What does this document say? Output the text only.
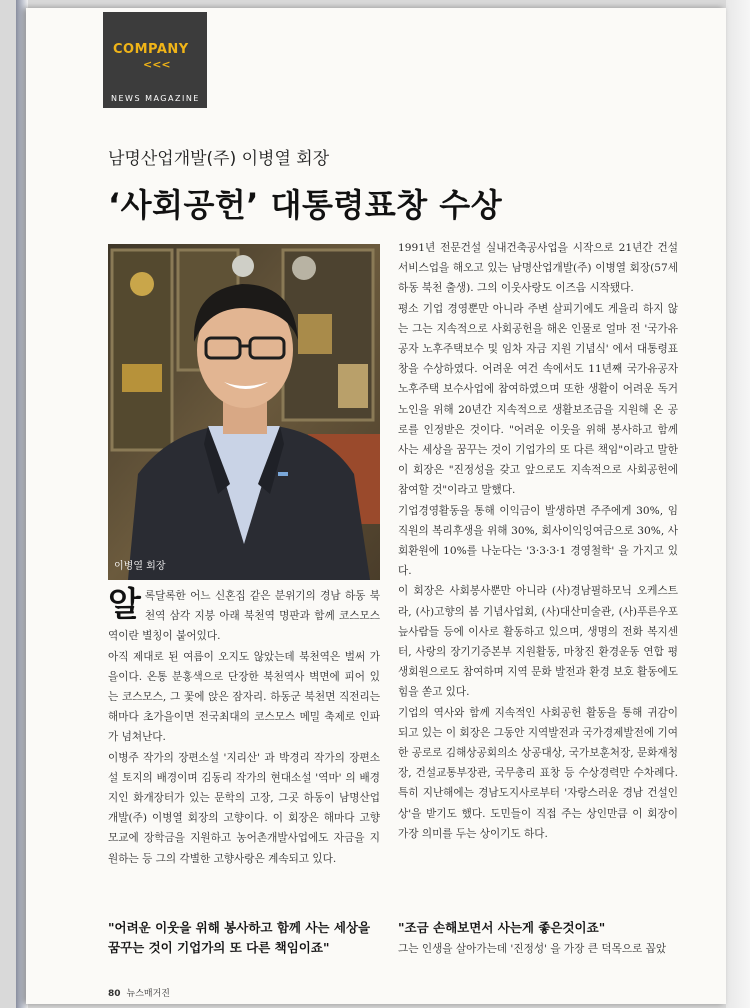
COMPANY
<<<
NEWS MAGAZINE
남명산업개발(주) 이병열 회장
‘사회공헌’ 대통령표창 수상
이병열 회장

알록달록한 어느 신혼집 같은 분위기의 경남 하동 북천역 삼각 지붕 아래 북천역 명판과 함께 코스모스역이란 별칭이 붙어있다.

아직 제대로 된 여름이 오지도 않았는데 북천역은 벌써 가을이다. 온통 분홍색으로 단장한 북천역사 벽면에 피어 있는 코스모스, 그 꽃에 앉은 잠자리. 하동군 북천면 직전리는 해마다 초가을이면 전국최대의 코스모스 메밀 축제로 인파가 넘쳐난다.

이병주 작가의 장편소설 '지리산' 과 박경리 작가의 장편소설 토지의 배경이며 김동리 작가의 현대소설 '역마' 의 배경지인 화개장터가 있는 문학의 고장, 그곳 하동이 남명산업개발(주) 이병열 회장의 고향이다. 이 회장은 해마다 고향 모교에 장학금을 지원하고 농어촌개발사업에도 자금을 지원하는 등 그의 각별한 고향사랑은 계속되고 있다.

1991년 전문건설 실내건축공사업을 시작으로 21년간 건설 서비스업을 해오고 있는 남명산업개발(주) 이병열 회장(57세 하동 북천 출생). 그의 이웃사랑도 이즈음 시작됐다.

평소 기업 경영뿐만 아니라 주변 살피기에도 게을리 하지 않는 그는 지속적으로 사회공헌을 해온 인물로 얼마 전 '국가유공자 노후주택보수 및 임차 자금 지원 기념식' 에서 대통령표창을 수상하였다. 어려운 여건 속에서도 11년째 국가유공자 노후주택 보수사업에 참여하였으며 또한 생활이 어려운 독거노인을 위해 20년간 지속적으로 생활보조금을 지원해 온 공로를 인정받은 것이다. "어려운 이웃을 위해 봉사하고 함께 사는 세상을 꿈꾸는 것이 기업가의 또 다른 책임"이라고 말한 이 회장은 "진정성을 갖고 앞으로도 지속적으로 사회공헌에 참여할 것"이라고 말했다.

기업경영활동을 통해 이익금이 발생하면 주주에게 30%, 임직원의 복리후생을 위해 30%, 회사이익잉여금으로 30%, 사회환원에 10%를 나눈다는 '3·3·3·1 경영철학' 을 가지고 있다.

이 회장은 사회봉사뿐만 아니라 (사)경남필하모닉 오케스트라, (사)고향의 봄 기념사업회, (사)대산미술관, (사)푸른우포늪사람들 등에 이사로 활동하고 있으며, 생명의 전화 복지센터, 사랑의 장기기증본부 지원활동, 마창진 환경운동 연합 평생회원으로도 참여하며 지역 문화 발전과 환경 보호 활동에도 힘을 쏟고 있다.

기업의 역사와 함께 지속적인 사회공헌 활동을 통해 귀감이 되고 있는 이 회장은 그동안 지역발전과 국가경제발전에 기여한 공로로 김해상공회의소 상공대상, 국가보훈처장, 문화재청장, 건설교통부장관, 국무총리 표창 등 수상경력만 수차례다. 특히 지난해에는 경남도지사로부터 '자랑스러운 경남 건설인상'을 받기도 했다. 도민들이 직접 주는 상인만큼 이 회장이 가장 의미를 두는 상이기도 하다.

"어려운 이웃을 위해 봉사하고 함께 사는 세상을 꿈꾸는 것이 기업가의 또 다른 책임이죠"
"조금 손해보면서 사는게 좋은것이죠"
그는 인생을 살아가는데 '진정성' 을 가장 큰 덕목으로 꼽았
80 뉴스매거진
